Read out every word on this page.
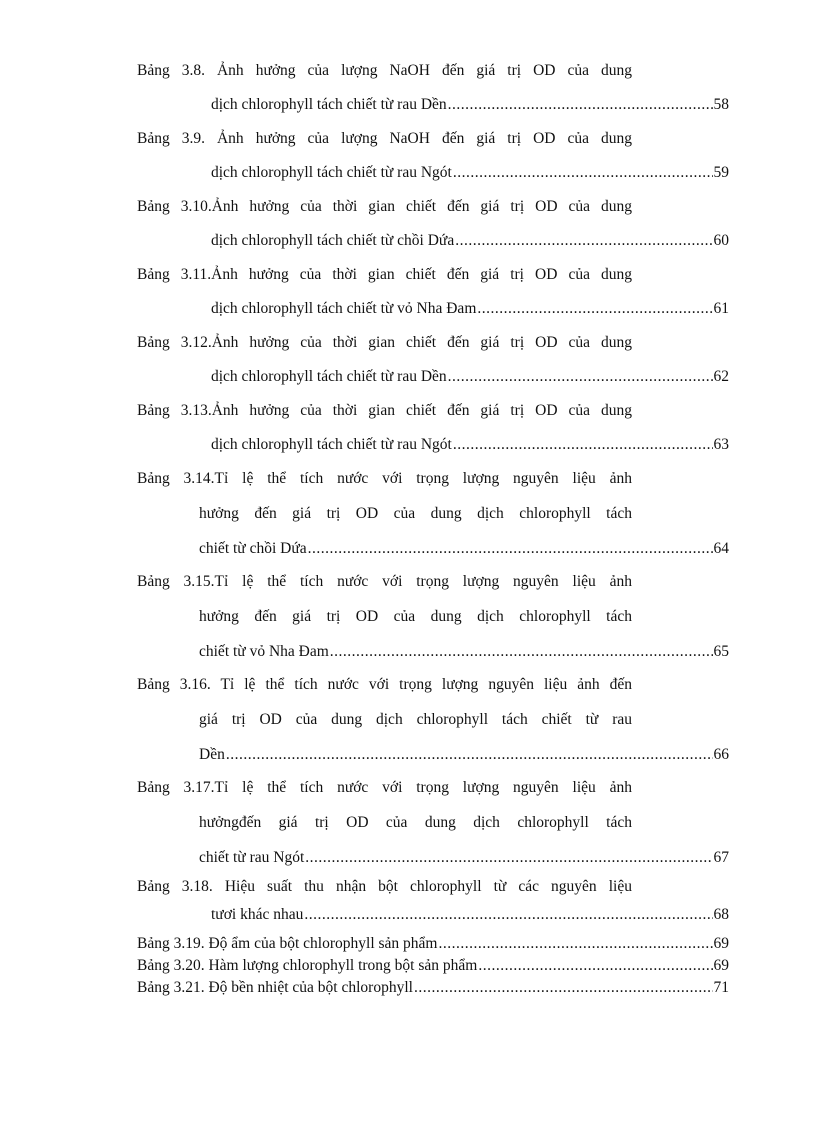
Bảng 3.8. Ảnh hưởng của lượng NaOH đến giá trị OD của dung
dịch chlorophyll tách chiết từ rau Dền .....	58
Bảng 3.9. Ảnh hưởng của lượng NaOH đến giá trị OD của dung
dịch chlorophyll tách chiết từ rau Ngót .....	59
Bảng 3.10.Ảnh hưởng của thời gian chiết đến giá trị OD của dung
dịch chlorophyll tách chiết từ chồi Dứa .....	60
Bảng 3.11.Ảnh hưởng của thời gian chiết đến giá trị OD của dung
dịch chlorophyll tách chiết từ vỏ Nha Đam .....	61
Bảng 3.12.Ảnh hưởng của thời gian chiết đến giá trị OD của dung
dịch chlorophyll tách chiết từ rau Dền .....	62
Bảng 3.13.Ảnh hưởng của thời gian chiết đến giá trị OD của dung
dịch chlorophyll tách chiết từ rau Ngót .....	63
Bảng 3.14.Tỉ lệ thể tích nước với trọng lượng nguyên liệu ảnh
hưởng đến giá trị OD của dung dịch chlorophyll tách
chiết từ chồi Dứa .....	64
Bảng 3.15.Tỉ lệ thể tích nước với trọng lượng nguyên liệu ảnh
hưởng đến giá trị OD của dung dịch chlorophyll tách
chiết từ vỏ Nha Đam .....	65
Bảng 3.16. Tỉ lệ thể tích nước với trọng lượng nguyên liệu ảnh đến
giá trị OD của dung dịch chlorophyll tách chiết từ rau
Dền .....	66
Bảng 3.17.Tỉ lệ thể tích nước với trọng lượng nguyên liệu ảnh
hưởngđến giá trị OD của dung dịch chlorophyll tách
chiết từ rau Ngót .....	67
Bảng 3.18. Hiệu suất thu nhận bột chlorophyll từ các nguyên liệu
tươi khác nhau .....	68
Bảng 3.19. Độ ẩm của bột chlorophyll sản phẩm .....	69
Bảng 3.20. Hàm lượng chlorophyll trong bột sản phẩm .....	69
Bảng 3.21. Độ bền nhiệt của bột chlorophyll .....	71
